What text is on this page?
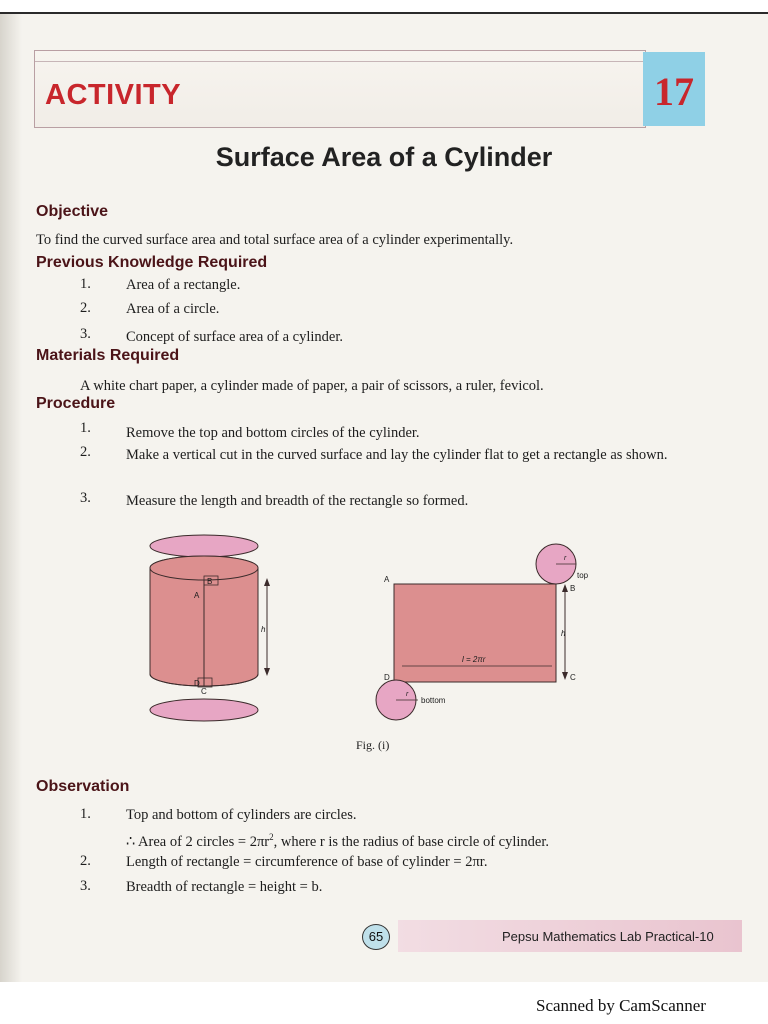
ACTIVITY	17
Surface Area of a Cylinder
Objective
To find the curved surface area and total surface area of a cylinder experimentally.
Previous Knowledge Required
1. Area of a rectangle.
2. Area of a circle.
3. Concept of surface area of a cylinder.
Materials Required
A white chart paper, a cylinder made of paper, a pair of scissors, a ruler, fevicol.
Procedure
1. Remove the top and bottom circles of the cylinder.
2. Make a vertical cut in the curved surface and lay the cylinder flat to get a rectangle as shown.
3. Measure the length and breadth of the rectangle so formed.
B
A
D
C
h
l = 2πr
A
D
B
C
h
r
top
r
bottom
Fig. (i)
Observation
1. Top and bottom of cylinders are circles.
∴ Area of 2 circles = $2\pi r^2$, where r is the radius of base circle of cylinder.
2. Length of rectangle = circumference of base of cylinder = 2πr.
3. Breadth of rectangle = height = b.
65	Pepsu Mathematics Lab Practical-10
Scanned by CamScanner
